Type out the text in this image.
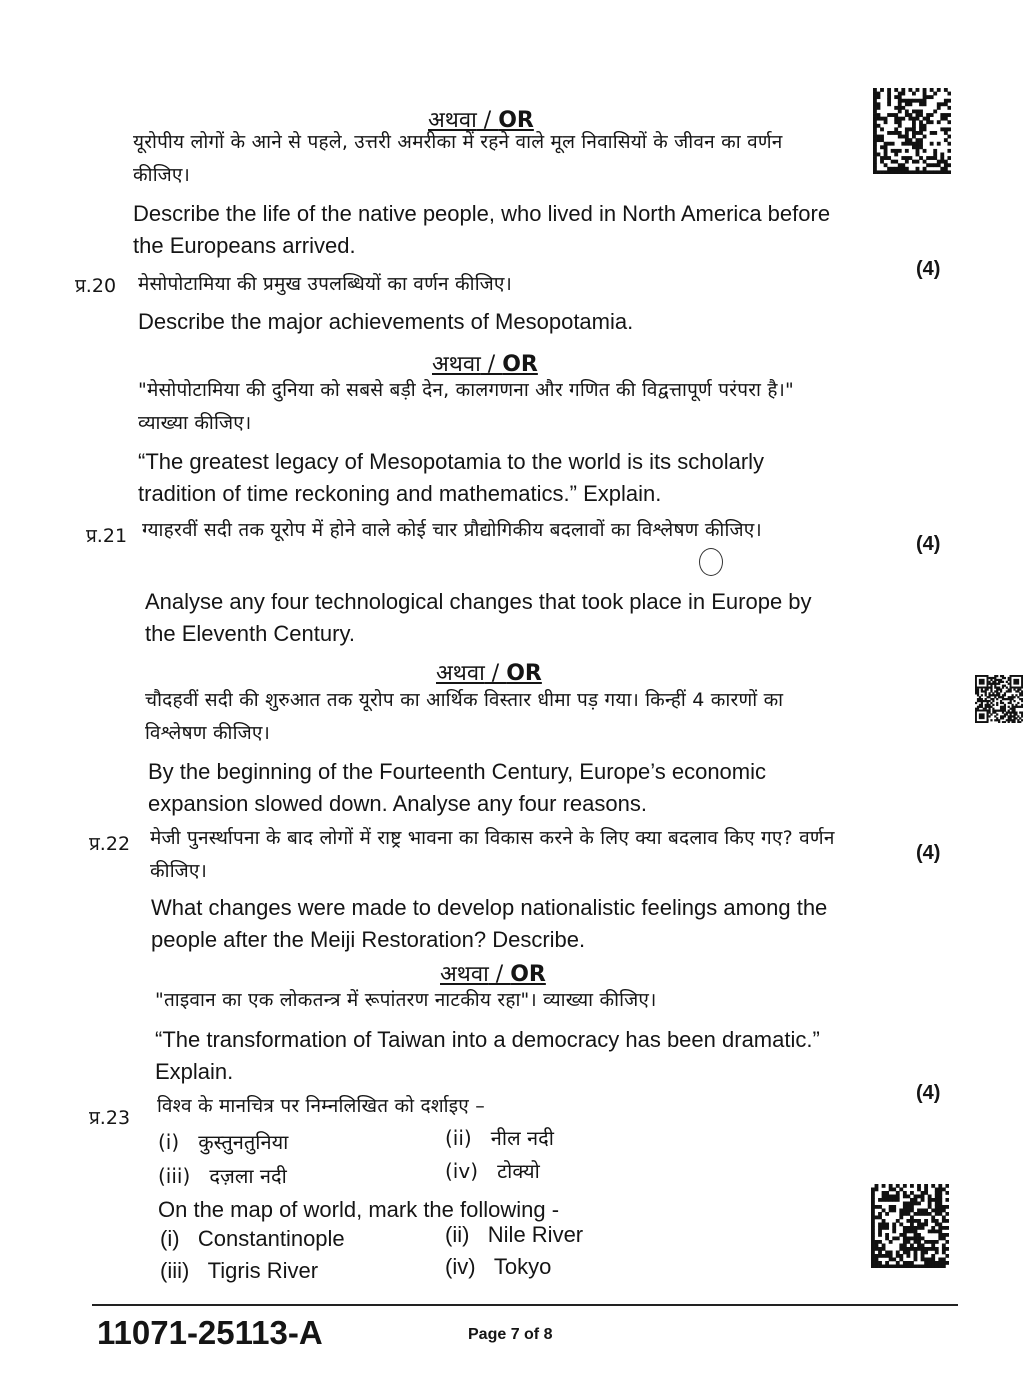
अथवा / OR
यूरोपीय लोगों के आने से पहले, उत्तरी अमरीका में रहने वाले मूल निवासियों के जीवन का वर्णन कीजिए।
Describe the life of the native people, who lived in North America before the Europeans arrived.
प्र.20 मेसोपोटामिया की प्रमुख उपलब्धियों का वर्णन कीजिए।
(4)
Describe the major achievements of Mesopotamia.
अथवा / OR
"मेसोपोटामिया की दुनिया को सबसे बड़ी देन, कालगणना और गणित की विद्वत्तापूर्ण परंपरा है।" व्याख्या कीजिए।
“The greatest legacy of Mesopotamia to the world is its scholarly tradition of time reckoning and mathematics.” Explain.
प्र.21 ग्याहरवीं सदी तक यूरोप में होने वाले कोई चार प्रौद्योगिकीय बदलावों का विश्लेषण कीजिए।
(4)
Analyse any four technological changes that took place in Europe by the Eleventh Century.
अथवा / OR
चौदहवीं सदी की शुरुआत तक यूरोप का आर्थिक विस्तार धीमा पड़ गया। किन्हीं 4 कारणों का विश्लेषण कीजिए।
By the beginning of the Fourteenth Century, Europe’s economic expansion slowed down. Analyse any four reasons.
प्र.22 मेजी पुनर्स्थापना के बाद लोगों में राष्ट्र भावना का विकास करने के लिए क्या बदलाव किए गए? वर्णन कीजिए।
(4)
What changes were made to develop nationalistic feelings among the people after the Meiji Restoration? Describe.
अथवा / OR
"ताइवान का एक लोकतन्त्र में रूपांतरण नाटकीय रहा"। व्याख्या कीजिए।
“The transformation of Taiwan into a democracy has been dramatic.” Explain.
प्र.23
विश्व के मानचित्र पर निम्नलिखित को दर्शाइए –
(4)
(i) कुस्तुनतुनिया	(ii) नील नदी
(iii) दज़ला नदी	(iv) टोक्यो
On the map of world, mark the following -
(i) Constantinople	(ii) Nile River
(iii) Tigris River	(iv) Tokyo
11071-25113-A	Page 7 of 8
